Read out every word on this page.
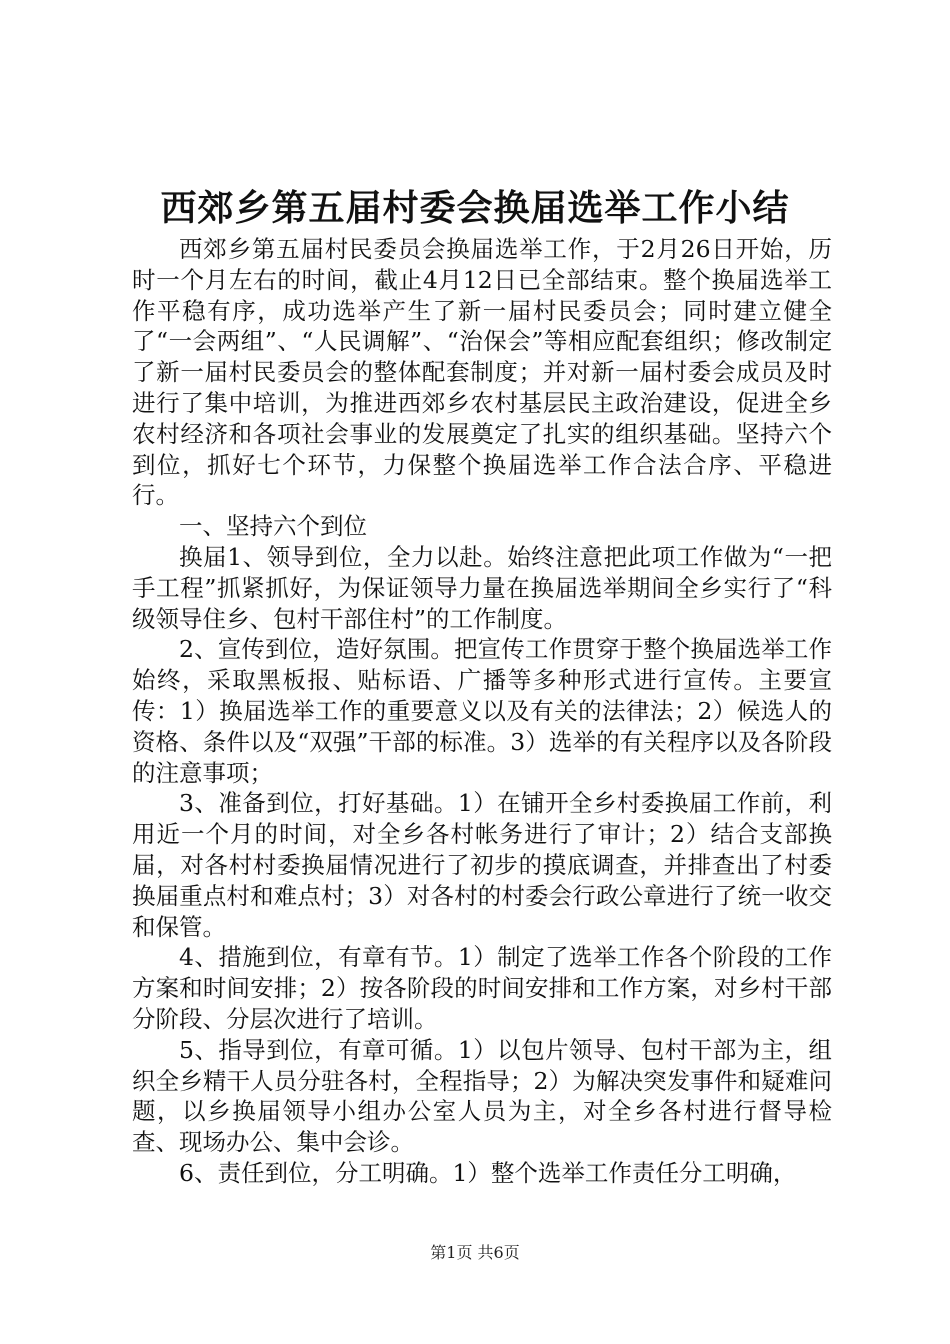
西郊乡第五届村委会换届选举工作小结

西郊乡第五届村民委员会换届选举工作，于2月26日开始，历时一个月左右的时间，截止4月12日已全部结束。整个换届选举工作平稳有序，成功选举产生了新一届村民委员会；同时建立健全了“一会两组”、“人民调解”、“治保会”等相应配套组织；修改制定了新一届村民委员会的整体配套制度；并对新一届村委会成员及时进行了集中培训，为推进西郊乡农村基层民主政治建设，促进全乡农村经济和各项社会事业的发展奠定了扎实的组织基础。坚持六个到位，抓好七个环节，力保整个换届选举工作合法合序、平稳进行。

一、坚持六个到位

换届1、领导到位，全力以赴。始终注意把此项工作做为“一把手工程”抓紧抓好，为保证领导力量在换届选举期间全乡实行了“科级领导住乡、包村干部住村”的工作制度。

2、宣传到位，造好氛围。把宣传工作贯穿于整个换届选举工作始终，采取黑板报、贴标语、广播等多种形式进行宣传。主要宣传：1）换届选举工作的重要意义以及有关的法律法；2）候选人的资格、条件以及“双强”干部的标准。3）选举的有关程序以及各阶段的注意事项；

3、准备到位，打好基础。1）在铺开全乡村委换届工作前，利用近一个月的时间，对全乡各村帐务进行了审计；2）结合支部换届，对各村村委换届情况进行了初步的摸底调查，并排查出了村委换届重点村和难点村；3）对各村的村委会行政公章进行了统一收交和保管。

4、措施到位，有章有节。1）制定了选举工作各个阶段的工作方案和时间安排；2）按各阶段的时间安排和工作方案，对乡村干部分阶段、分层次进行了培训。

5、指导到位，有章可循。1）以包片领导、包村干部为主，组织全乡精干人员分驻各村，全程指导；2）为解决突发事件和疑难问题，以乡换届领导小组办公室人员为主，对全乡各村进行督导检查、现场办公、集中会诊。

6、责任到位，分工明确。1）整个选举工作责任分工明确，

第1页 共6页
